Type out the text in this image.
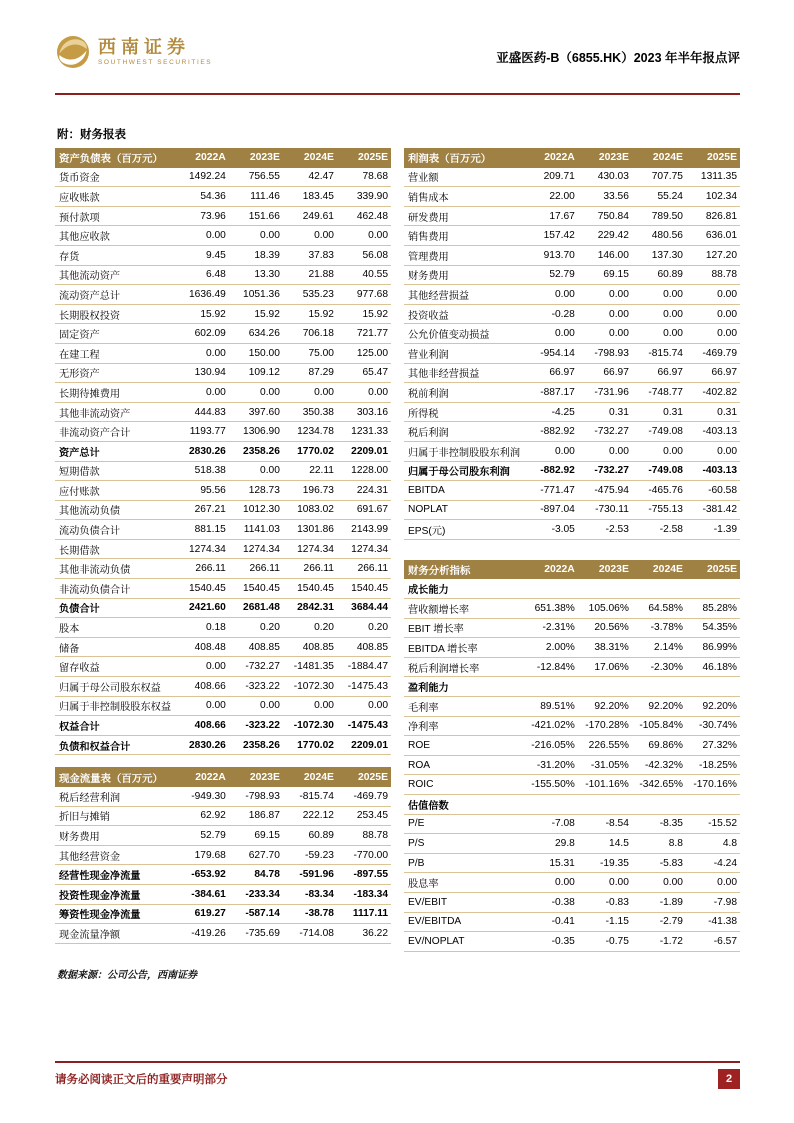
西南证券
SOUTHWEST SECURITIES	亚盛医药-B（6855.HK）2023 年半年报点评
附：财务报表
资产负债表（百万元）	2022A	2023E	2024E	2025E
货币资金	1492.24	756.55	42.47	78.68
应收账款	54.36	111.46	183.45	339.90
预付款项	73.96	151.66	249.61	462.48
其他应收款	0.00	0.00	0.00	0.00
存货	9.45	18.39	37.83	56.08
其他流动资产	6.48	13.30	21.88	40.55
流动资产总计	1636.49	1051.36	535.23	977.68
长期股权投资	15.92	15.92	15.92	15.92
固定资产	602.09	634.26	706.18	721.77
在建工程	0.00	150.00	75.00	125.00
无形资产	130.94	109.12	87.29	65.47
长期待摊费用	0.00	0.00	0.00	0.00
其他非流动资产	444.83	397.60	350.38	303.16
非流动资产合计	1193.77	1306.90	1234.78	1231.33
资产总计	2830.26	2358.26	1770.02	2209.01
短期借款	518.38	0.00	22.11	1228.00
应付账款	95.56	128.73	196.73	224.31
其他流动负债	267.21	1012.30	1083.02	691.67
流动负债合计	881.15	1141.03	1301.86	2143.99
长期借款	1274.34	1274.34	1274.34	1274.34
其他非流动负债	266.11	266.11	266.11	266.11
非流动负债合计	1540.45	1540.45	1540.45	1540.45
负债合计	2421.60	2681.48	2842.31	3684.44
股本	0.18	0.20	0.20	0.20
储备	408.48	408.85	408.85	408.85
留存收益	0.00	-732.27	-1481.35	-1884.47
归属于母公司股东权益	408.66	-323.22	-1072.30	-1475.43
归属于非控制股股东权益	0.00	0.00	0.00	0.00
权益合计	408.66	-323.22	-1072.30	-1475.43
负债和权益合计	2830.26	2358.26	1770.02	2209.01
现金流量表（百万元）	2022A	2023E	2024E	2025E
税后经营利润	-949.30	-798.93	-815.74	-469.79
折旧与摊销	62.92	186.87	222.12	253.45
财务费用	52.79	69.15	60.89	88.78
其他经营资金	179.68	627.70	-59.23	-770.00
经营性现金净流量	-653.92	84.78	-591.96	-897.55
投资性现金净流量	-384.61	-233.34	-83.34	-183.34
筹资性现金净流量	619.27	-587.14	-38.78	1117.11
现金流量净额	-419.26	-735.69	-714.08	36.22
数据来源：公司公告，西南证券
利润表（百万元）	2022A	2023E	2024E	2025E
营业额	209.71	430.03	707.75	1311.35
销售成本	22.00	33.56	55.24	102.34
研发费用	17.67	750.84	789.50	826.81
销售费用	157.42	229.42	480.56	636.01
管理费用	913.70	146.00	137.30	127.20
财务费用	52.79	69.15	60.89	88.78
其他经营损益	0.00	0.00	0.00	0.00
投资收益	-0.28	0.00	0.00	0.00
公允价值变动损益	0.00	0.00	0.00	0.00
营业利润	-954.14	-798.93	-815.74	-469.79
其他非经营损益	66.97	66.97	66.97	66.97
税前利润	-887.17	-731.96	-748.77	-402.82
所得税	-4.25	0.31	0.31	0.31
税后利润	-882.92	-732.27	-749.08	-403.13
归属于非控制股股东利润	0.00	0.00	0.00	0.00
归属于母公司股东利润	-882.92	-732.27	-749.08	-403.13
EBITDA	-771.47	-475.94	-465.76	-60.58
NOPLAT	-897.04	-730.11	-755.13	-381.42
EPS(元)	-3.05	-2.53	-2.58	-1.39
财务分析指标	2022A	2023E	2024E	2025E
成长能力
营收额增长率	651.38%	105.06%	64.58%	85.28%
EBIT 增长率	-2.31%	20.56%	-3.78%	54.35%
EBITDA 增长率	2.00%	38.31%	2.14%	86.99%
税后利润增长率	-12.84%	17.06%	-2.30%	46.18%
盈利能力
毛利率	89.51%	92.20%	92.20%	92.20%
净利率	-421.02%	-170.28%	-105.84%	-30.74%
ROE	-216.05%	226.55%	69.86%	27.32%
ROA	-31.20%	-31.05%	-42.32%	-18.25%
ROIC	-155.50%	-101.16%	-342.65%	-170.16%
估值倍数
P/E	-7.08	-8.54	-8.35	-15.52
P/S	29.8	14.5	8.8	4.8
P/B	15.31	-19.35	-5.83	-4.24
股息率	0.00	0.00	0.00	0.00
EV/EBIT	-0.38	-0.83	-1.89	-7.98
EV/EBITDA	-0.41	-1.15	-2.79	-41.38
EV/NOPLAT	-0.35	-0.75	-1.72	-6.57
请务必阅读正文后的重要声明部分	2
